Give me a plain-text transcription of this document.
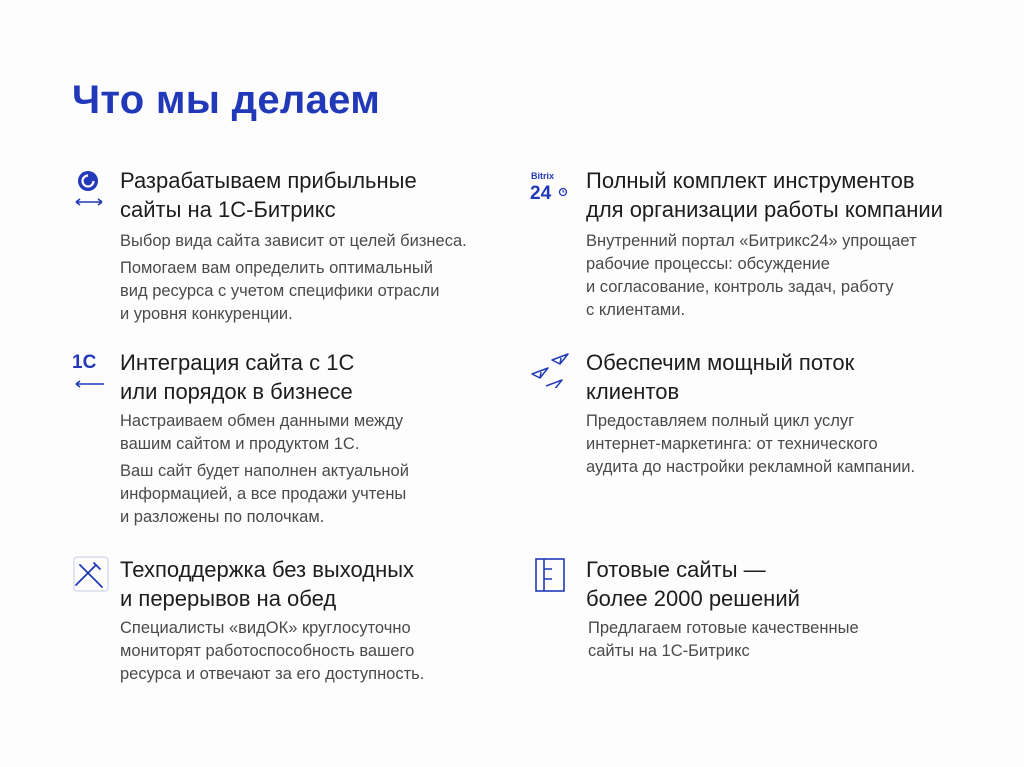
Что мы делаем
Разрабатываем прибыльные
сайты на 1С-Битрикс

Выбор вида сайта зависит от целей бизнеса.

Помогаем вам определить оптимальный
вид ресурса с учетом специфики отрасли
и уровня конкуренции.

Bitrix
24
Полный комплект инструментов
для организации работы компании

Внутренний портал «Битрикс24» упрощает
рабочие процессы: обсуждение
и согласование, контроль задач, работу
с клиентами.

1С Интеграция сайта с 1С
или порядок в бизнесе

Настраиваем обмен данными между
вашим сайтом и продуктом 1С.

Ваш сайт будет наполнен актуальной
информацией, а все продажи учтены
и разложены по полочкам.

Обеспечим мощный поток
клиентов

Предоставляем полный цикл услуг
интернет-маркетинга: от технического
аудита до настройки рекламной кампании.

Техподдержка без выходных
и перерывов на обед

Специалисты «видОК» круглосуточно
мониторят работоспособность вашего
ресурса и отвечают за его доступность.

Готовые сайты —
более 2000 решений

Предлагаем готовые качественные
сайты на 1С-Битрикс
